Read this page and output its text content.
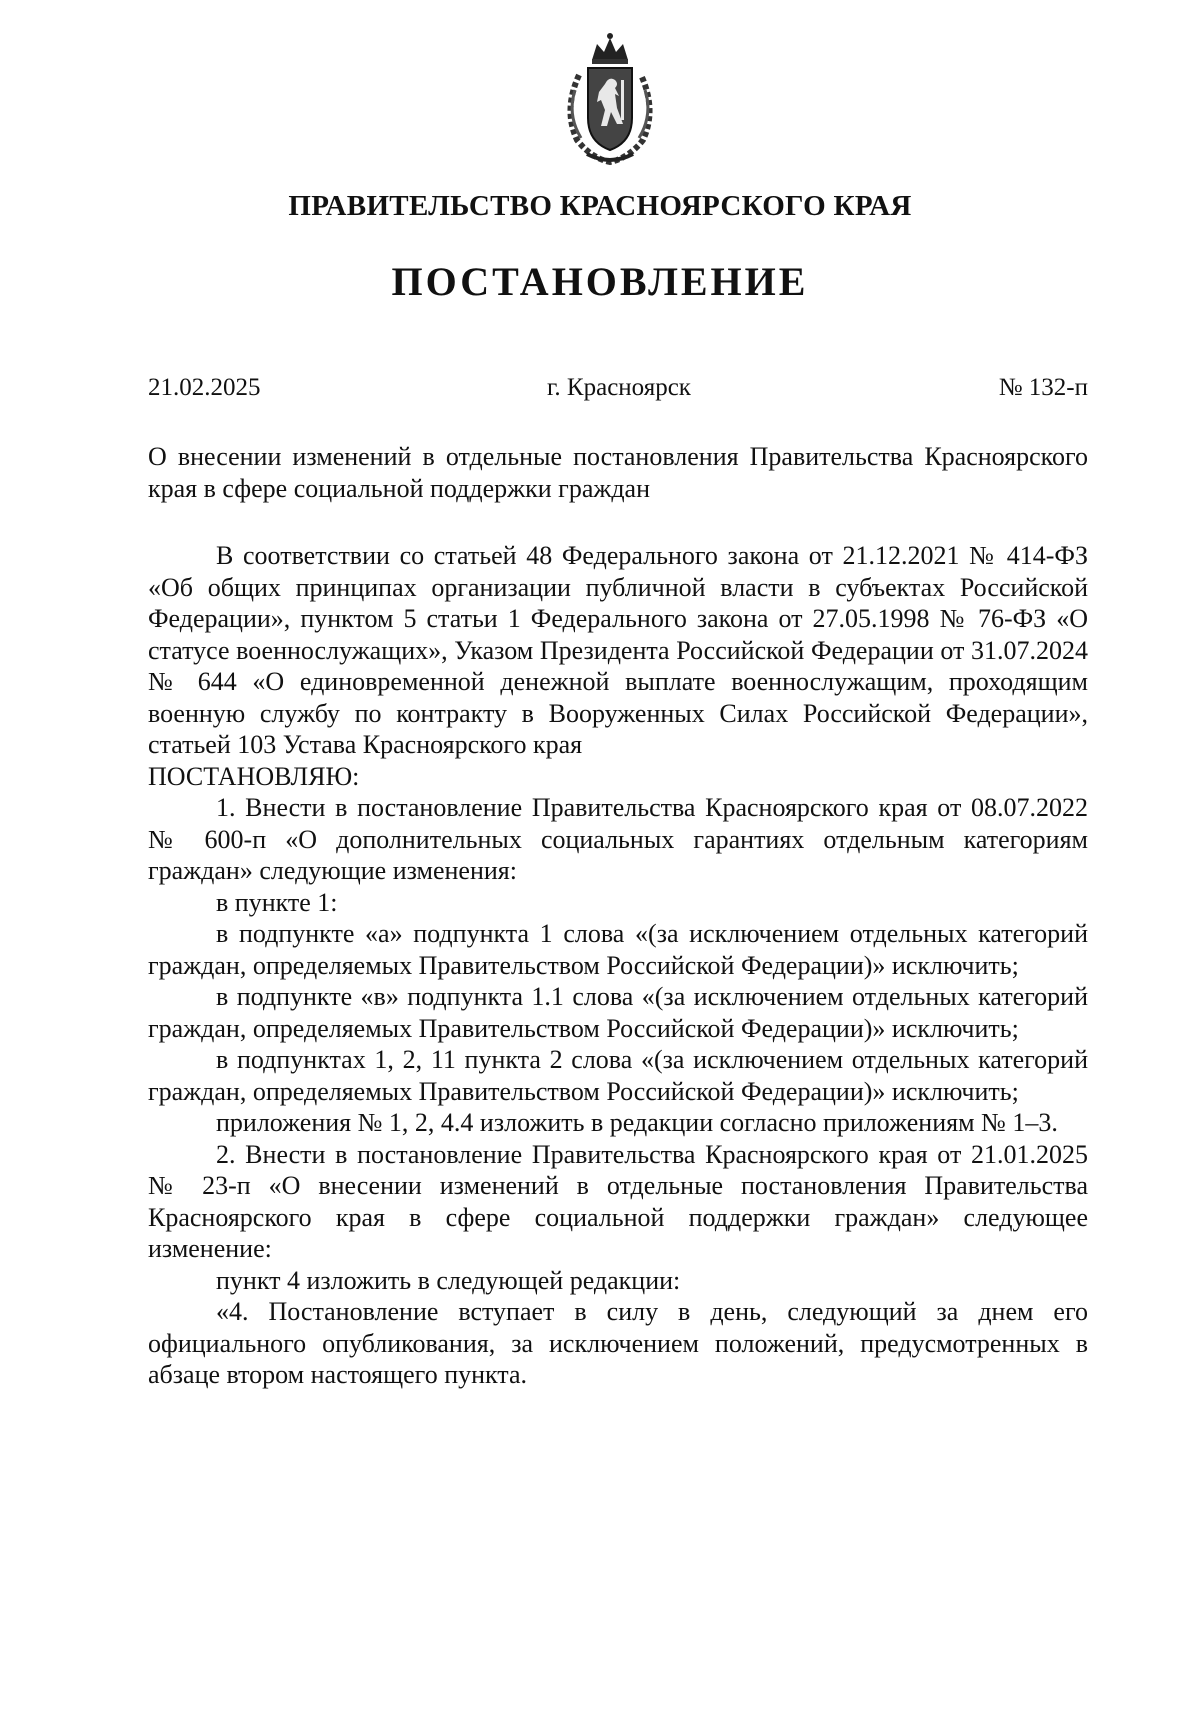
ПРАВИТЕЛЬСТВО КРАСНОЯРСКОГО КРАЯ
ПОСТАНОВЛЕНИЕ
21.02.2025	г. Красноярск	№ 132-п

О внесении изменений в отдельные постановления Правительства Красноярского края в сфере социальной поддержки граждан

В соответствии со статьей 48 Федерального закона от 21.12.2021 № 414-ФЗ «Об общих принципах организации публичной власти в субъектах Российской Федерации», пунктом 5 статьи 1 Федерального закона от 27.05.1998 № 76-ФЗ «О статусе военнослужащих», Указом Президента Российской Федерации от 31.07.2024 № 644 «О единовременной денежной выплате военнослужащим, проходящим военную службу по контракту в Вооруженных Силах Российской Федерации», статьей 103 Устава Красноярского края

ПОСТАНОВЛЯЮ:

1. Внести в постановление Правительства Красноярского края от 08.07.2022 № 600-п «О дополнительных социальных гарантиях отдельным категориям граждан» следующие изменения:

в пункте 1:

в подпункте «а» подпункта 1 слова «(за исключением отдельных категорий граждан, определяемых Правительством Российской Федерации)» исключить;

в подпункте «в» подпункта 1.1 слова «(за исключением отдельных категорий граждан, определяемых Правительством Российской Федерации)» исключить;

в подпунктах 1, 2, 11 пункта 2 слова «(за исключением отдельных категорий граждан, определяемых Правительством Российской Федерации)» исключить;

приложения № 1, 2, 4.4 изложить в редакции согласно приложениям № 1–3.

2. Внести в постановление Правительства Красноярского края от 21.01.2025 № 23-п «О внесении изменений в отдельные постановления Правительства Красноярского края в сфере социальной поддержки граждан» следующее изменение:

пункт 4 изложить в следующей редакции:

«4. Постановление вступает в силу в день, следующий за днем его официального опубликования, за исключением положений, предусмотренных в абзаце втором настоящего пункта.
